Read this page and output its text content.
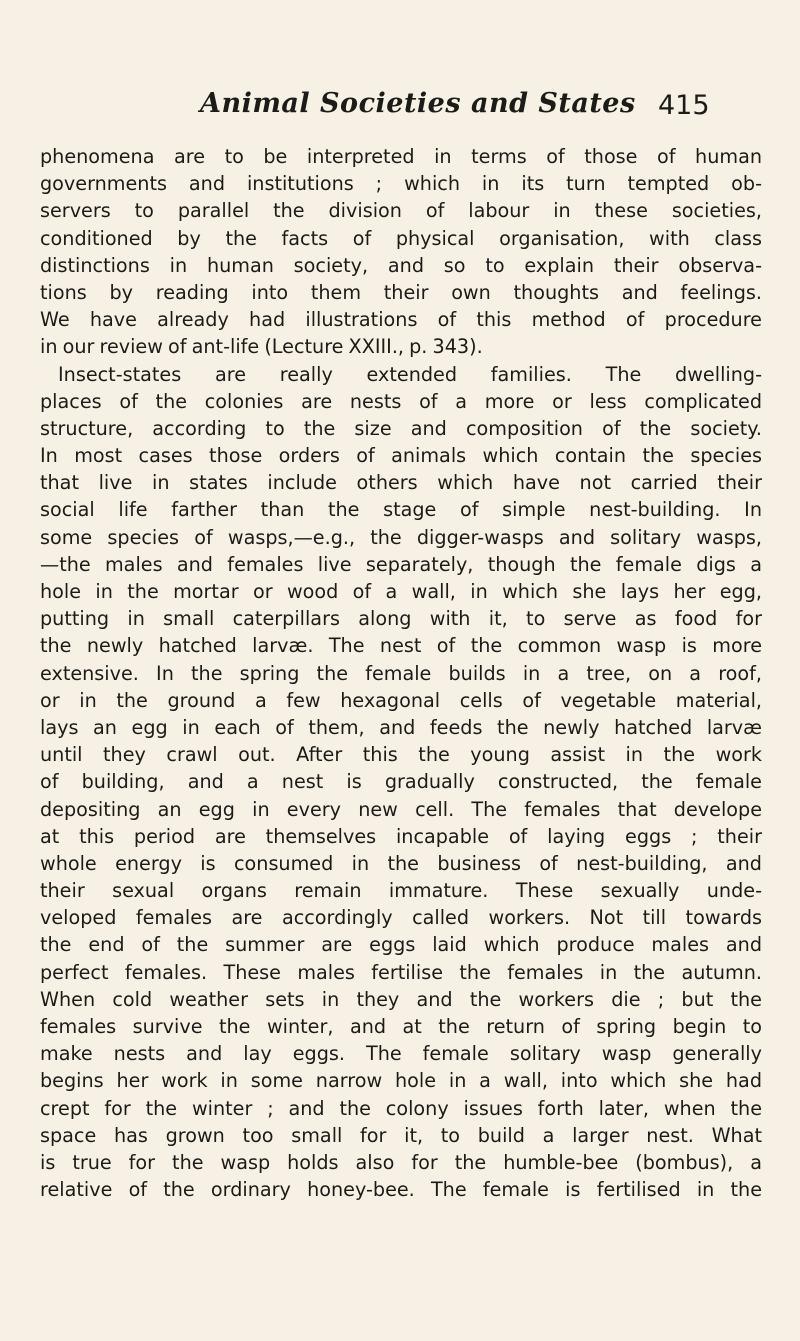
Animal Societies and States 415
phenomena are to be interpreted in terms of those of human
governments and institutions ; which in its turn tempted ob-
servers to parallel the division of labour in these societies,
conditioned by the facts of physical organisation, with class
distinctions in human society, and so to explain their observa-
tions by reading into them their own thoughts and feelings.
We have already had illustrations of this method of procedure
in our review of ant-life (Lecture XXIII., p. 343).
Insect-states are really extended families. The dwelling-
places of the colonies are nests of a more or less complicated
structure, according to the size and composition of the society.
In most cases those orders of animals which contain the species
that live in states include others which have not carried their
social life farther than the stage of simple nest-building. In
some species of wasps,—e.g., the digger-wasps and solitary wasps,
—the males and females live separately, though the female digs a
hole in the mortar or wood of a wall, in which she lays her egg,
putting in small caterpillars along with it, to serve as food for
the newly hatched larvæ. The nest of the common wasp is more
extensive. In the spring the female builds in a tree, on a roof,
or in the ground a few hexagonal cells of vegetable material,
lays an egg in each of them, and feeds the newly hatched larvæ
until they crawl out. After this the young assist in the work
of building, and a nest is gradually constructed, the female
depositing an egg in every new cell. The females that develope
at this period are themselves incapable of laying eggs ; their
whole energy is consumed in the business of nest-building, and
their sexual organs remain immature. These sexually unde-
veloped females are accordingly called workers. Not till towards
the end of the summer are eggs laid which produce males and
perfect females. These males fertilise the females in the autumn.
When cold weather sets in they and the workers die ; but the
females survive the winter, and at the return of spring begin to
make nests and lay eggs. The female solitary wasp generally
begins her work in some narrow hole in a wall, into which she had
crept for the winter ; and the colony issues forth later, when the
space has grown too small for it, to build a larger nest. What
is true for the wasp holds also for the humble-bee (bombus), a
relative of the ordinary honey-bee. The female is fertilised in the
